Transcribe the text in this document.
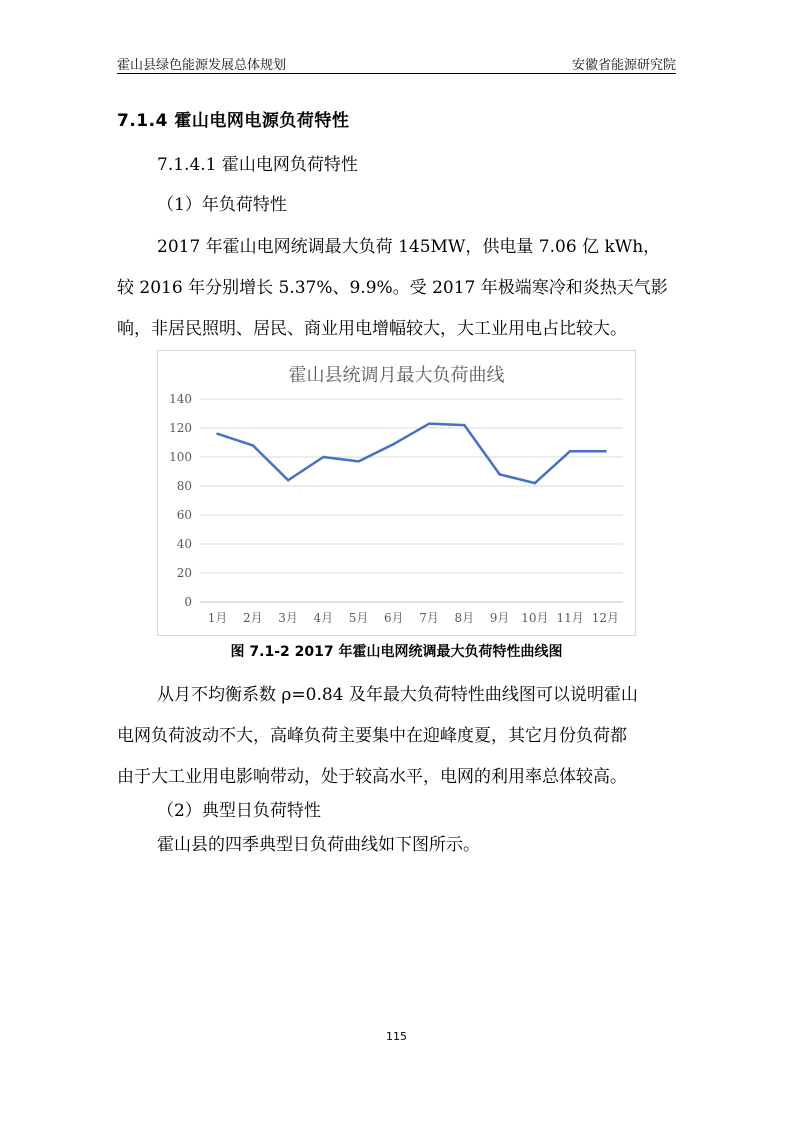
霍山县绿色能源发展总体规划	安徽省能源研究院
7.1.4 霍山电网电源负荷特性
7.1.4.1 霍山电网负荷特性
（1）年负荷特性
2017 年霍山电网统调最大负荷 145MW，供电量 7.06 亿 kWh，
较 2016 年分别增长 5.37%、9.9%。受 2017 年极端寒冷和炎热天气影
响，非居民照明、居民、商业用电增幅较大，大工业用电占比较大。
霍山县统调月最大负荷曲线
0
20
40
60
80
100
120
140
1月 2月 3月 4月 5月 6月 7月 8月 9月 10月 11月 12月
图 7.1-2 2017 年霍山电网统调最大负荷特性曲线图
从月不均衡系数 ρ=0.84 及年最大负荷特性曲线图可以说明霍山
电网负荷波动不大，高峰负荷主要集中在迎峰度夏，其它月份负荷都
由于大工业用电影响带动，处于较高水平，电网的利用率总体较高。
（2）典型日负荷特性
霍山县的四季典型日负荷曲线如下图所示。
115
